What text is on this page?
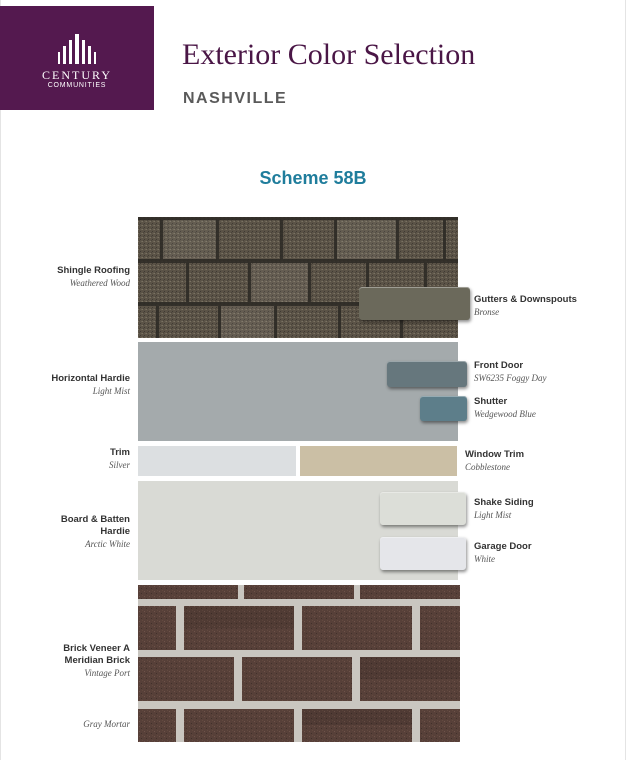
CENTURY
COMMUNITIES
Exterior Color Selection
NASHVILLE
Scheme 58B
Shingle Roofing
Weathered Wood
Horizontal Hardie
Light Mist
Trim
Silver
Board & Batten
Hardie
Arctic White
Brick Veneer A
Meridian Brick
Vintage Port
Gray Mortar
Gutters & Downspouts
Bronse
Front Door
SW6235 Foggy Day
Shutter
Wedgewood Blue
Window Trim
Cobblestone
Shake Siding
Light Mist
Garage Door
White
